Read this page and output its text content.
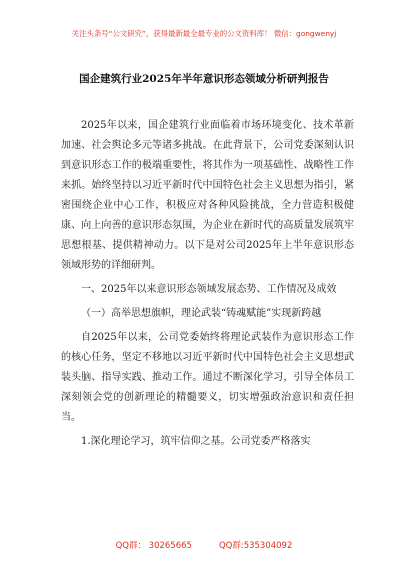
关注头条号“公文研究”，获得最新最全最专业的公文资料库！ 微信：gongwenyj
国企建筑行业2025年半年意识形态领域分析研判报告

2025年以来，国企建筑行业面临着市场环境变化、技术革新加速、社会舆论多元等诸多挑战。在此背景下，公司党委深刻认识到意识形态工作的极端重要性，将其作为一项基础性、战略性工作来抓。始终坚持以习近平新时代中国特色社会主义思想为指引，紧密围绕企业中心工作，积极应对各种风险挑战，全力营造积极健康、向上向善的意识形态氛围，为企业在新时代的高质量发展筑牢思想根基、提供精神动力。以下是对公司2025年上半年意识形态领域形势的详细研判。

一、2025年以来意识形态领域发展态势、工作情况及成效

（一）高举思想旗帜，理论武装“铸魂赋能”实现新跨越

自2025年以来，公司党委始终将理论武装作为意识形态工作的核心任务，坚定不移地以习近平新时代中国特色社会主义思想武装头脑、指导实践、推动工作。通过不断深化学习，引导全体员工深刻领会党的创新理论的精髓要义，切实增强政治意识和责任担当。

1.深化理论学习，筑牢信仰之基。公司党委严格落实

QQ群： 30265665          QQ群:535304092
